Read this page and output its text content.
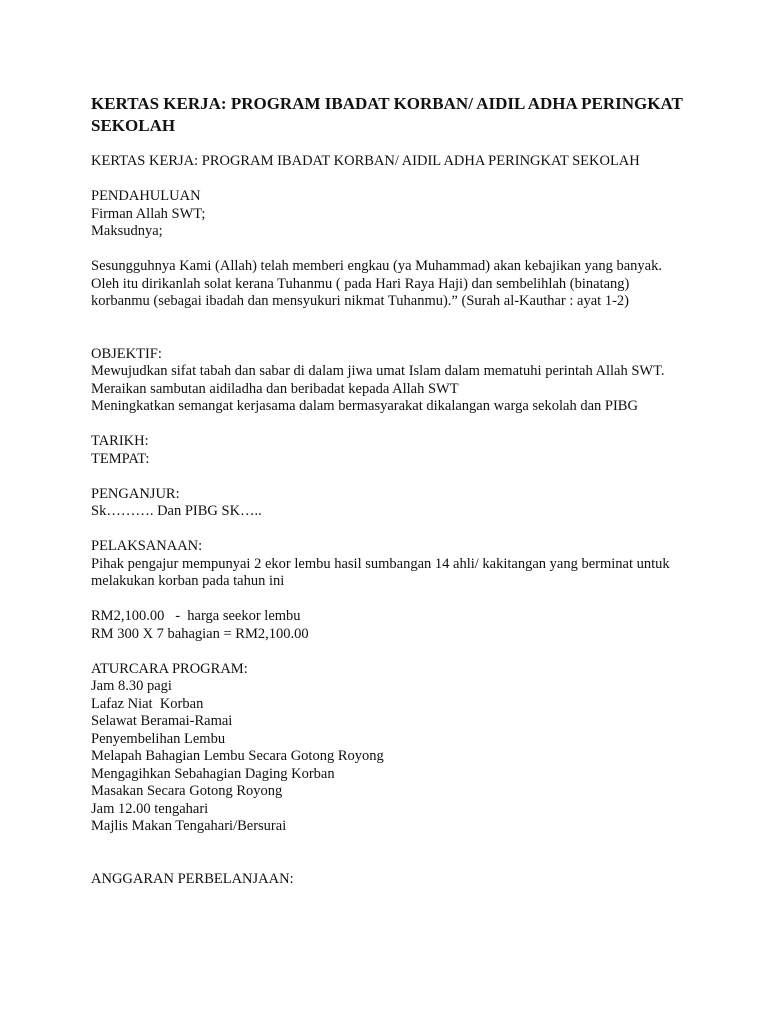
KERTAS KERJA: PROGRAM IBADAT KORBAN/ AIDIL ADHA PERINGKAT SEKOLAH
KERTAS KERJA: PROGRAM IBADAT KORBAN/ AIDIL ADHA PERINGKAT SEKOLAH
PENDAHULUAN
Firman Allah SWT;
Maksudnya;
Sesungguhnya Kami (Allah) telah memberi engkau (ya Muhammad) akan kebajikan yang banyak. Oleh itu dirikanlah solat kerana Tuhanmu ( pada Hari Raya Haji) dan sembelihlah (binatang) korbanmu (sebagai ibadah dan mensyukuri nikmat Tuhanmu).” (Surah al-Kauthar : ayat 1-2)
OBJEKTIF:
Mewujudkan sifat tabah dan sabar di dalam jiwa umat Islam dalam mematuhi perintah Allah SWT.
Meraikan sambutan aidiladha dan beribadat kepada Allah SWT
Meningkatkan semangat kerjasama dalam bermasyarakat dikalangan warga sekolah dan PIBG
TARIKH:
TEMPAT:
PENGANJUR:
Sk………. Dan PIBG SK…..
PELAKSANAAN:
Pihak pengajur mempunyai 2 ekor lembu hasil sumbangan 14 ahli/ kakitangan yang berminat untuk melakukan korban pada tahun ini
RM2,100.00   -  harga seekor lembu
RM 300 X 7 bahagian = RM2,100.00
ATURCARA PROGRAM:
Jam 8.30 pagi
Lafaz Niat  Korban
Selawat Beramai-Ramai
Penyembelihan Lembu
Melapah Bahagian Lembu Secara Gotong Royong
Mengagihkan Sebahagian Daging Korban
Masakan Secara Gotong Royong
Jam 12.00 tengahari
Majlis Makan Tengahari/Bersurai
ANGGARAN PERBELANJAAN:
